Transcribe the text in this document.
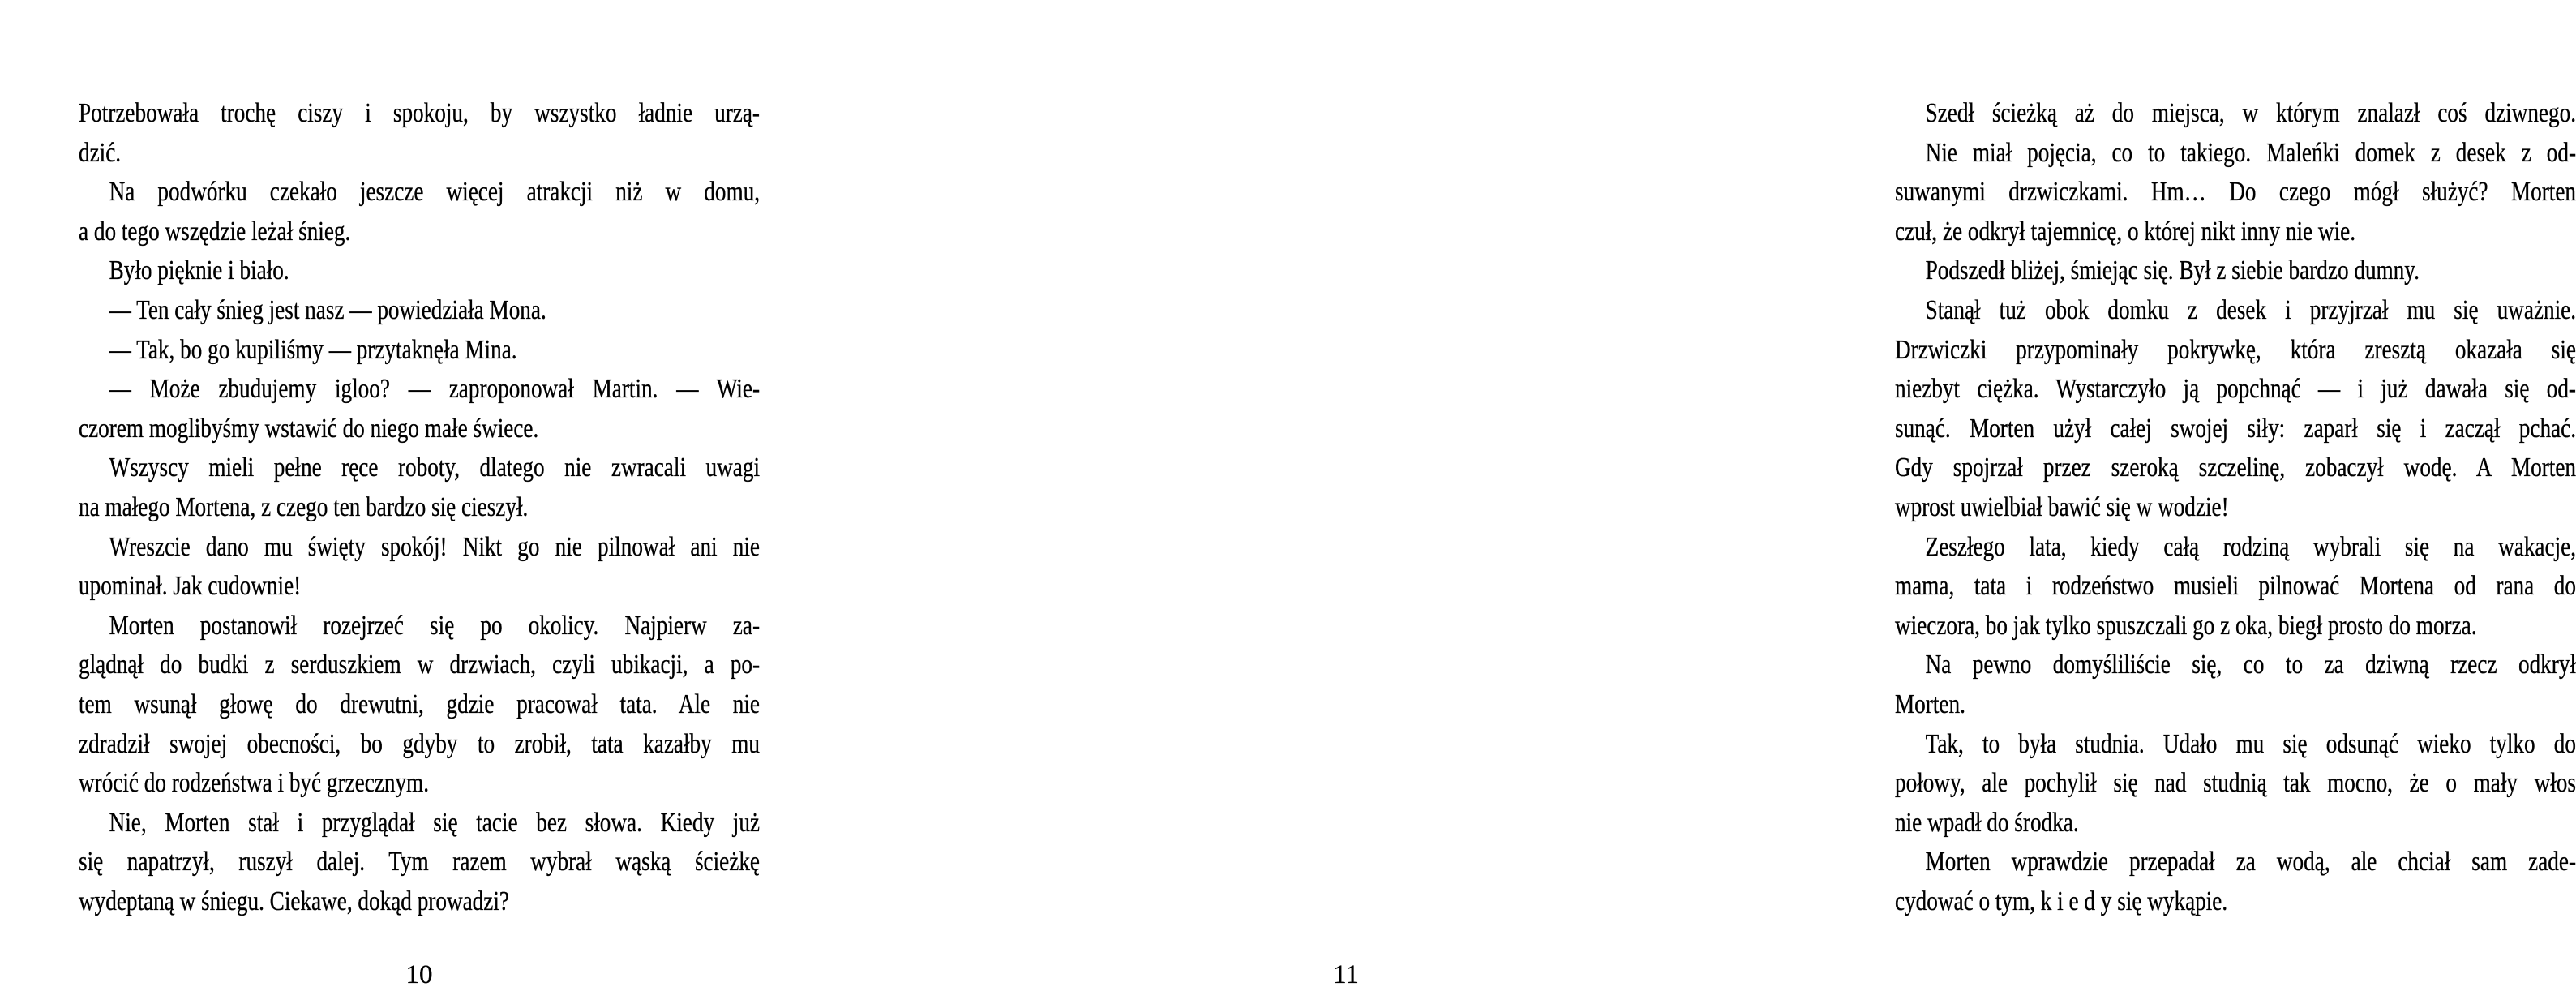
Potrzebowała trochę ciszy i spokoju, by wszystko ładnie urzą-
dzić.
Na podwórku czekało jeszcze więcej atrakcji niż w domu,
a do tego wszędzie leżał śnieg.
Było pięknie i biało.
— Ten cały śnieg jest nasz — powiedziała Mona.
— Tak, bo go kupiliśmy — przytaknęła Mina.
— Może zbudujemy igloo? — zaproponował Martin. — Wie-
czorem moglibyśmy wstawić do niego małe świece.
Wszyscy mieli pełne ręce roboty, dlatego nie zwracali uwagi
na małego Mortena, z czego ten bardzo się cieszył.
Wreszcie dano mu święty spokój! Nikt go nie pilnował ani nie
upominał. Jak cudownie!
Morten postanowił rozejrzeć się po okolicy. Najpierw za-
glądnął do budki z serduszkiem w drzwiach, czyli ubikacji, a po-
tem wsunął głowę do drewutni, gdzie pracował tata. Ale nie
zdradził swojej obecności, bo gdyby to zrobił, tata kazałby mu
wrócić do rodzeństwa i być grzecznym.
Nie, Morten stał i przyglądał się tacie bez słowa. Kiedy już
się napatrzył, ruszył dalej. Tym razem wybrał wąską ścieżkę
wydeptaną w śniegu. Ciekawe, dokąd prowadzi?
Szedł ścieżką aż do miejsca, w którym znalazł coś dziwnego.
Nie miał pojęcia, co to takiego. Maleńki domek z desek z od-
suwanymi drzwiczkami. Hm… Do czego mógł służyć? Morten
czuł, że odkrył tajemnicę, o której nikt inny nie wie.
Podszedł bliżej, śmiejąc się. Był z siebie bardzo dumny.
Stanął tuż obok domku z desek i przyjrzał mu się uważnie.
Drzwiczki przypominały pokrywkę, która zresztą okazała się
niezbyt ciężka. Wystarczyło ją popchnąć — i już dawała się od-
sunąć. Morten użył całej swojej siły: zaparł się i zaczął pchać.
Gdy spojrzał przez szeroką szczelinę, zobaczył wodę. A Morten
wprost uwielbiał bawić się w wodzie!
Zeszłego lata, kiedy całą rodziną wybrali się na wakacje,
mama, tata i rodzeństwo musieli pilnować Mortena od rana do
wieczora, bo jak tylko spuszczali go z oka, biegł prosto do morza.
Na pewno domyśliliście się, co to za dziwną rzecz odkrył
Morten.
Tak, to była studnia. Udało mu się odsunąć wieko tylko do
połowy, ale pochylił się nad studnią tak mocno, że o mały włos
nie wpadł do środka.
Morten wprawdzie przepadał za wodą, ale chciał sam zade-
cydować o tym, k i e d y się wykąpie.
10	11
